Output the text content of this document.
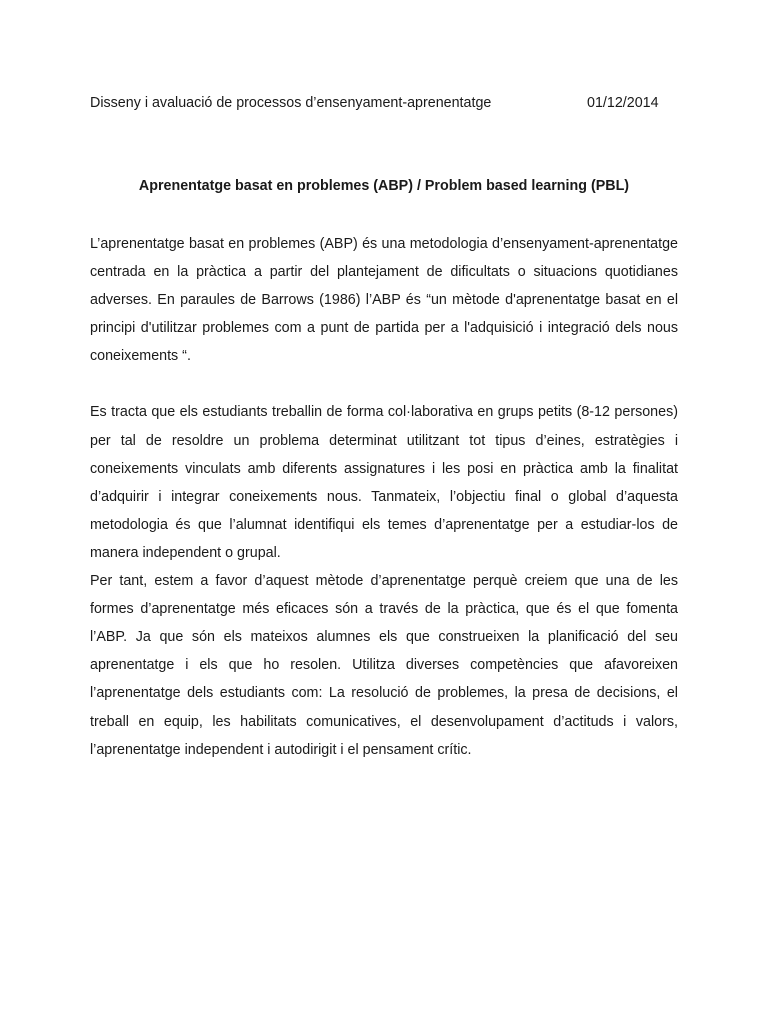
Disseny i avaluació de processos d’ensenyament-aprenentatge	01/12/2014
Aprenentatge basat en problemes (ABP) / Problem based learning (PBL)

L’aprenentatge basat en problemes (ABP) és una metodologia d’ensenyament-aprenentatge centrada en la pràctica a partir del plantejament de dificultats o situacions quotidianes adverses. En paraules de Barrows (1986) l’ABP és “un mètode d'aprenentatge basat en el principi d'utilitzar problemes com a punt de partida per a l'adquisició i integració dels nous coneixements “.

Es tracta que els estudiants treballin de forma col·laborativa en grups petits (8-12 persones) per tal de resoldre un problema determinat utilitzant tot tipus d’eines, estratègies i coneixements vinculats amb diferents assignatures i les posi en pràctica amb la finalitat d’adquirir i integrar coneixements nous. Tanmateix, l’objectiu final o global d’aquesta metodologia és que l’alumnat identifiqui els temes d’aprenentatge per a estudiar-los de manera independent o grupal.

Per tant, estem a favor d’aquest mètode d’aprenentatge perquè creiem que una de les formes d’aprenentatge més eficaces són a través de la pràctica, que és el que fomenta l’ABP. Ja que són els mateixos alumnes els que construeixen la planificació del seu aprenentatge i els que ho resolen. Utilitza diverses competències que afavoreixen l’aprenentatge dels estudiants com: La resolució de problemes, la presa de decisions, el treball en equip, les habilitats comunicatives, el desenvolupament d’actituds i valors, l’aprenentatge independent i autodirigit i el pensament crític.
